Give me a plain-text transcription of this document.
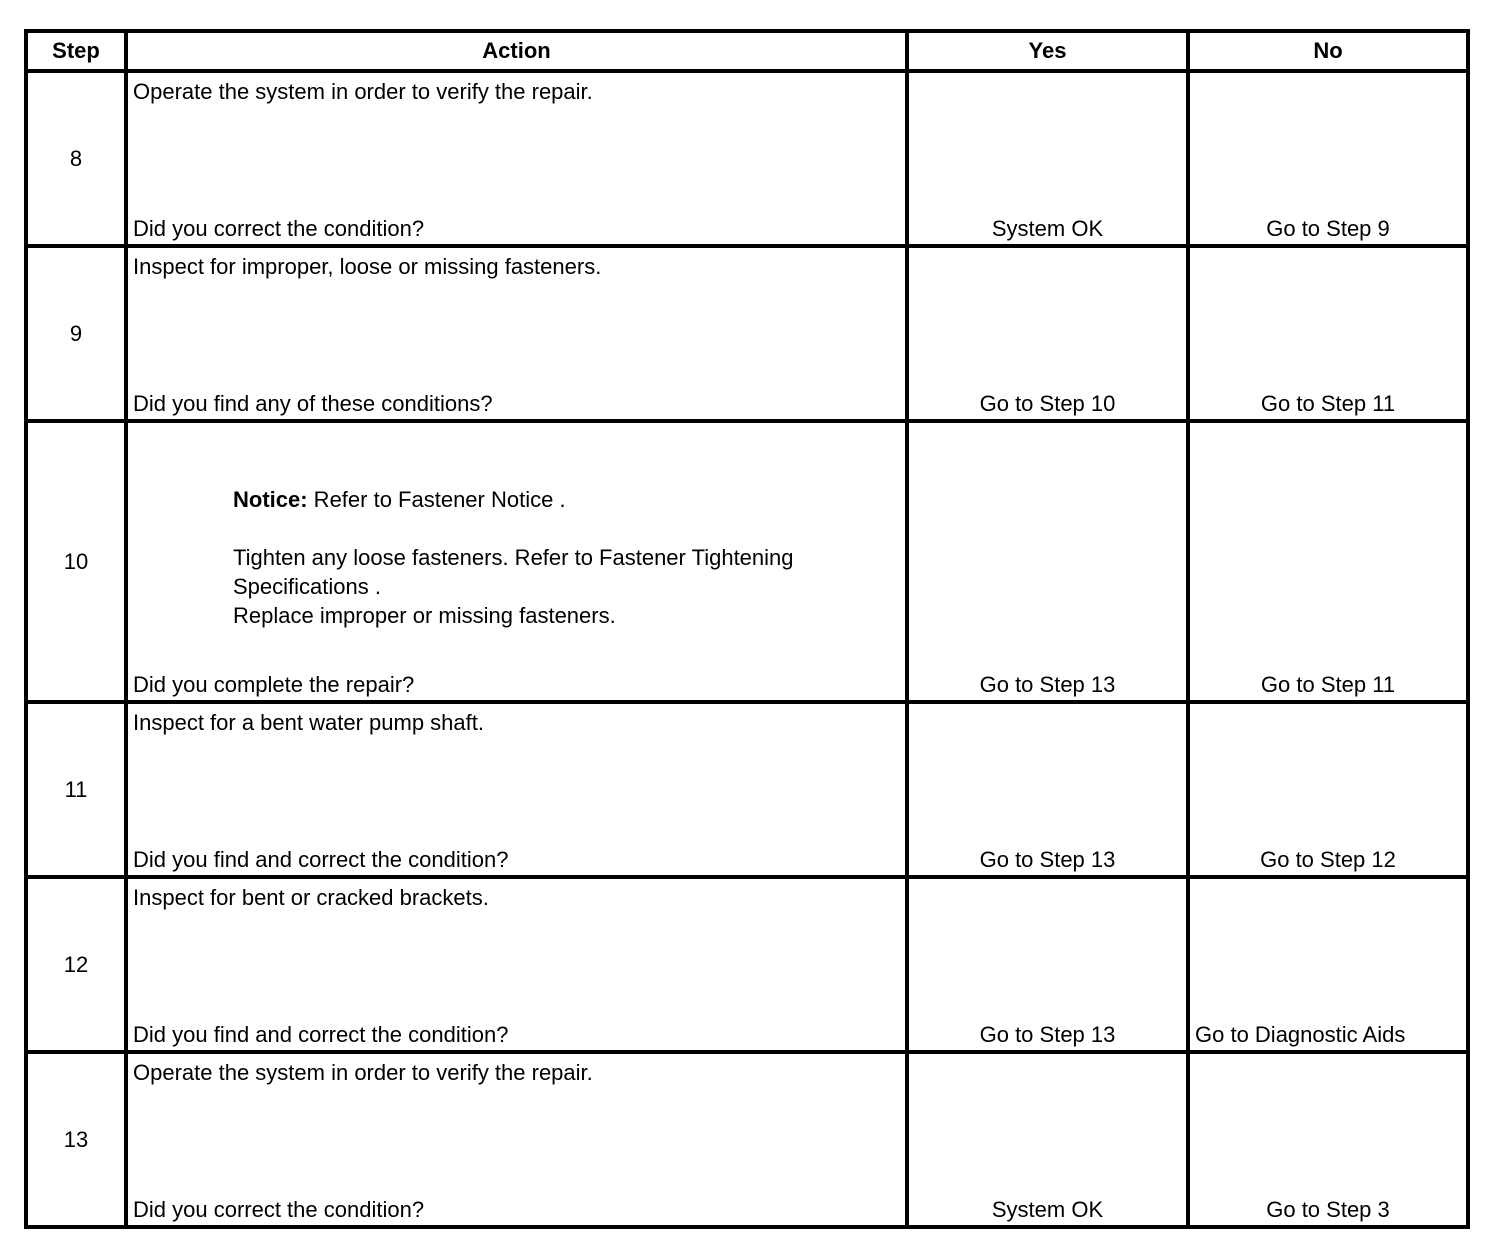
Step	Action	Yes	No
8	Operate the system in order to verify the repair.
Did you correct the condition?	System OK	Go to Step 9

9	Inspect for improper, loose or missing fasteners.
Did you find any of these conditions?	Go to Step 10	Go to Step 11

10	Notice: Refer to Fastener Notice .
Tighten any loose fasteners. Refer to Fastener Tightening Specifications .
Replace improper or missing fasteners.
Did you complete the repair?	Go to Step 13	Go to Step 11

11	Inspect for a bent water pump shaft.
Did you find and correct the condition?	Go to Step 13	Go to Step 12

12	Inspect for bent or cracked brackets.
Did you find and correct the condition?	Go to Step 13	Go to Diagnostic Aids

13	Operate the system in order to verify the repair.
Did you correct the condition?	System OK	Go to Step 3
